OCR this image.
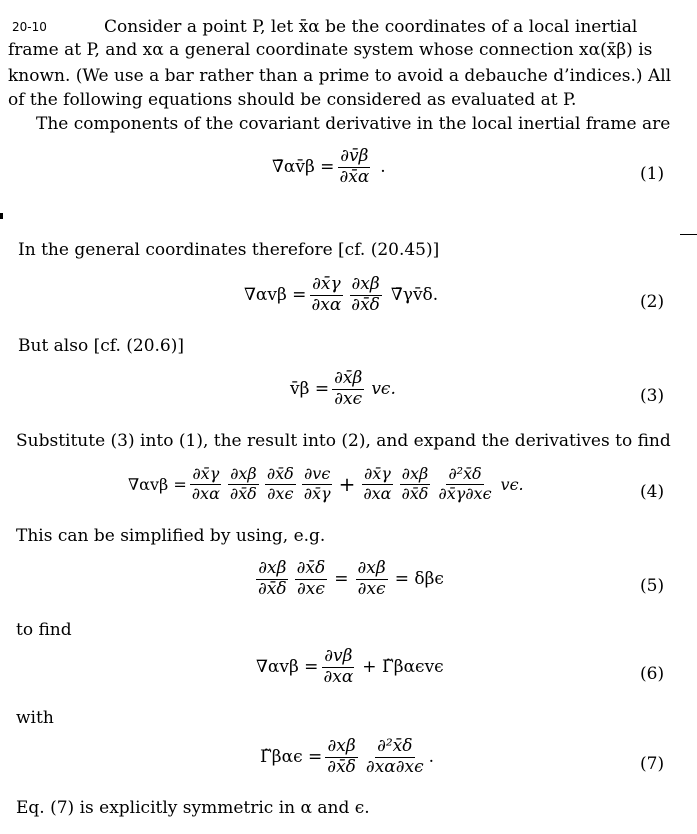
20-10	Consider a point P, let x̄α be the coordinates of a local inertial
frame at P, and xα a general coordinate system whose connection xα(x̄β) is
known. (We use a bar rather than a prime to avoid a debauche d’indices.) All
of the following equations should be considered as evaluated at P.
The components of the covariant derivative in the local inertial frame are
∇̄αv̄β = $\frac{\partial v̄\beta}{\partial x̄\alpha}$ .	(1)
In the general coordinates therefore [cf. (20.45)]
$\nabla\alpha v\beta = \frac{\partial x̄\gamma}{\partial x\alpha} \frac{\partial x\beta}{\partial x̄\delta}$ ∇̄γv̄δ.	(2)
But also [cf. (20.6)]
v̄β = $\frac{\partial x̄\beta}{\partial x\epsilon} v\epsilon$.	(3)
Substitute (3) into (1), the result into (2), and expand the derivatives to find
$\nabla\alpha v\beta = \frac{\partial x̄\gamma}{\partial x\alpha} \frac{\partial x\beta}{\partial x̄\delta} \frac{\partial x̄\delta}{\partial x\epsilon} \frac{\partial v\epsilon}{\partial x̄\gamma} + \frac{\partial x̄\gamma}{\partial x\alpha} \frac{\partial x\beta}{\partial x̄\delta} \frac{\text{∂²x̄δ}}{\partial x̄\gamma\partial x\epsilon} v\epsilon$.	(4)
This can be simplified by using, e.g.
$\frac{\partial x\beta}{\partial x̄\delta} \frac{\partial x̄\delta}{\partial x\epsilon} = \frac{\partial x\beta}{\partial x\epsilon} = \delta\beta\epsilon$	(5)
to find
$\nabla\alpha v\beta = \frac{\partial v\beta}{\partial x\alpha}$ + Γ̃βαϵvϵ	(6)
with
Γ̃βαϵ = $\frac{\partial x\beta}{\partial x̄\delta} \frac{\text{∂²x̄δ}}{\partial x\alpha\partial x\epsilon}$ .	(7)
Eq. (7) is explicitly symmetric in α and ϵ.
